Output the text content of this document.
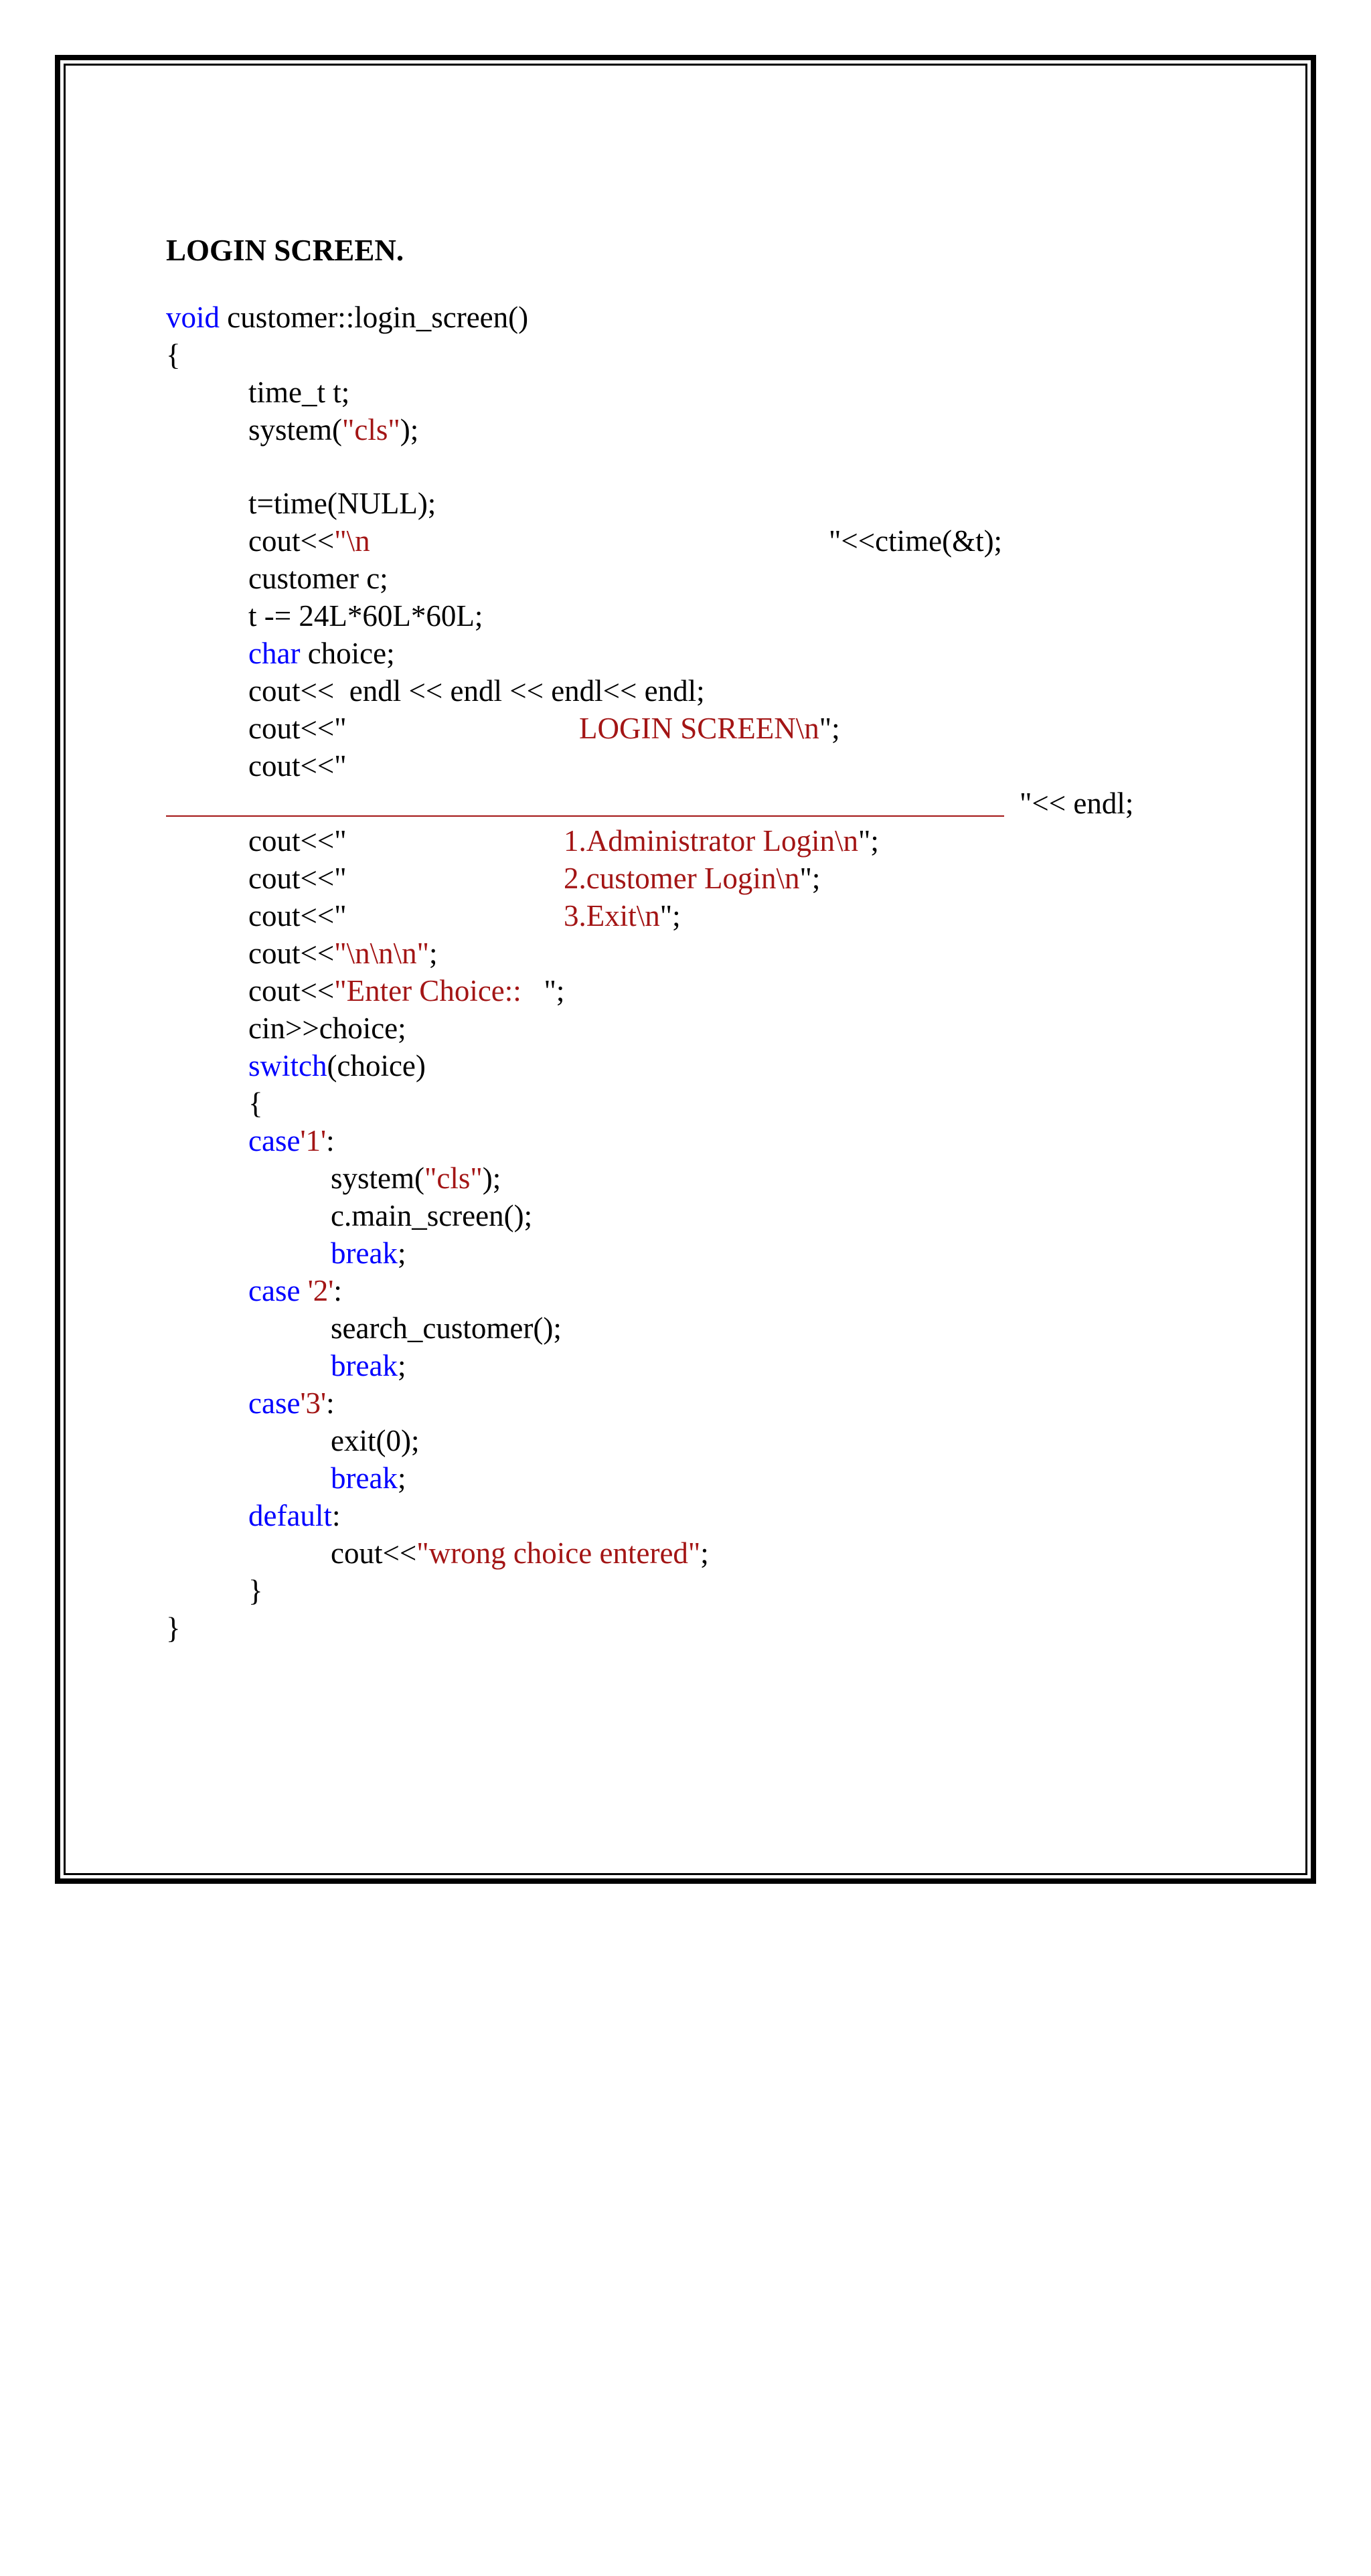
LOGIN SCREEN.

void customer::login_screen()

{

time_t t;

system("cls");

t=time(NULL);

cout<<"\n

	"<<ctime(&t);

customer c;

t -= 24L*60L*60L;

char choice;

cout<<  endl << endl << endl<< endl;

cout<<"

	LOGIN SCREEN\n";

cout<<"

"<< endl;

cout<<"

	1.Administrator Login\n";

cout<<"

	2.customer Login\n";

cout<<"

	3.Exit\n";

cout<<"\n\n\n";

cout<<"Enter Choice::   ";

cin>>choice;

switch(choice)

{

case'1':

system("cls");

c.main_screen();

break;

case '2':

search_customer();

break;

case'3':

exit(0);

break;

default:

cout<<"wrong choice entered";

}

}
